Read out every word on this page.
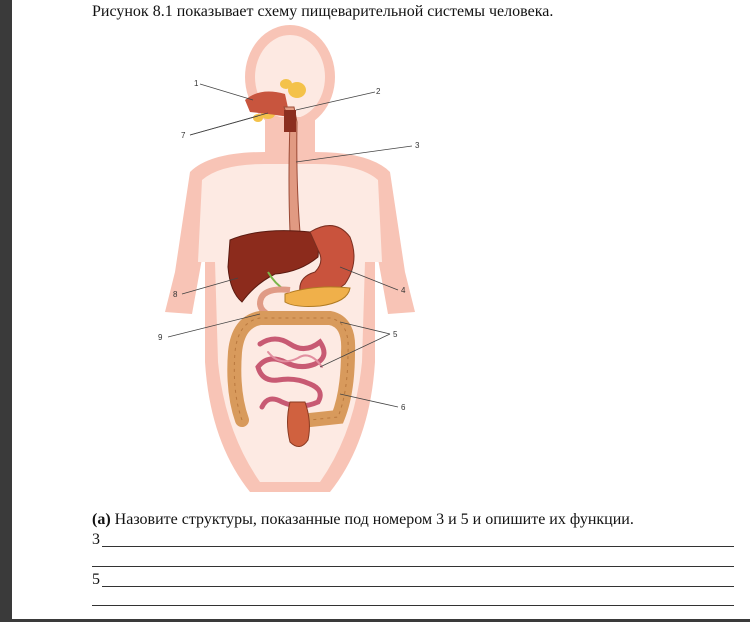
Рисунок 8.1 показывает схему пищеварительной системы человека.
1
2
3
4
5
6
7
8
9
(а) Назовите структуры, показанные под номером 3 и 5 и опишите их функции.
3
5
